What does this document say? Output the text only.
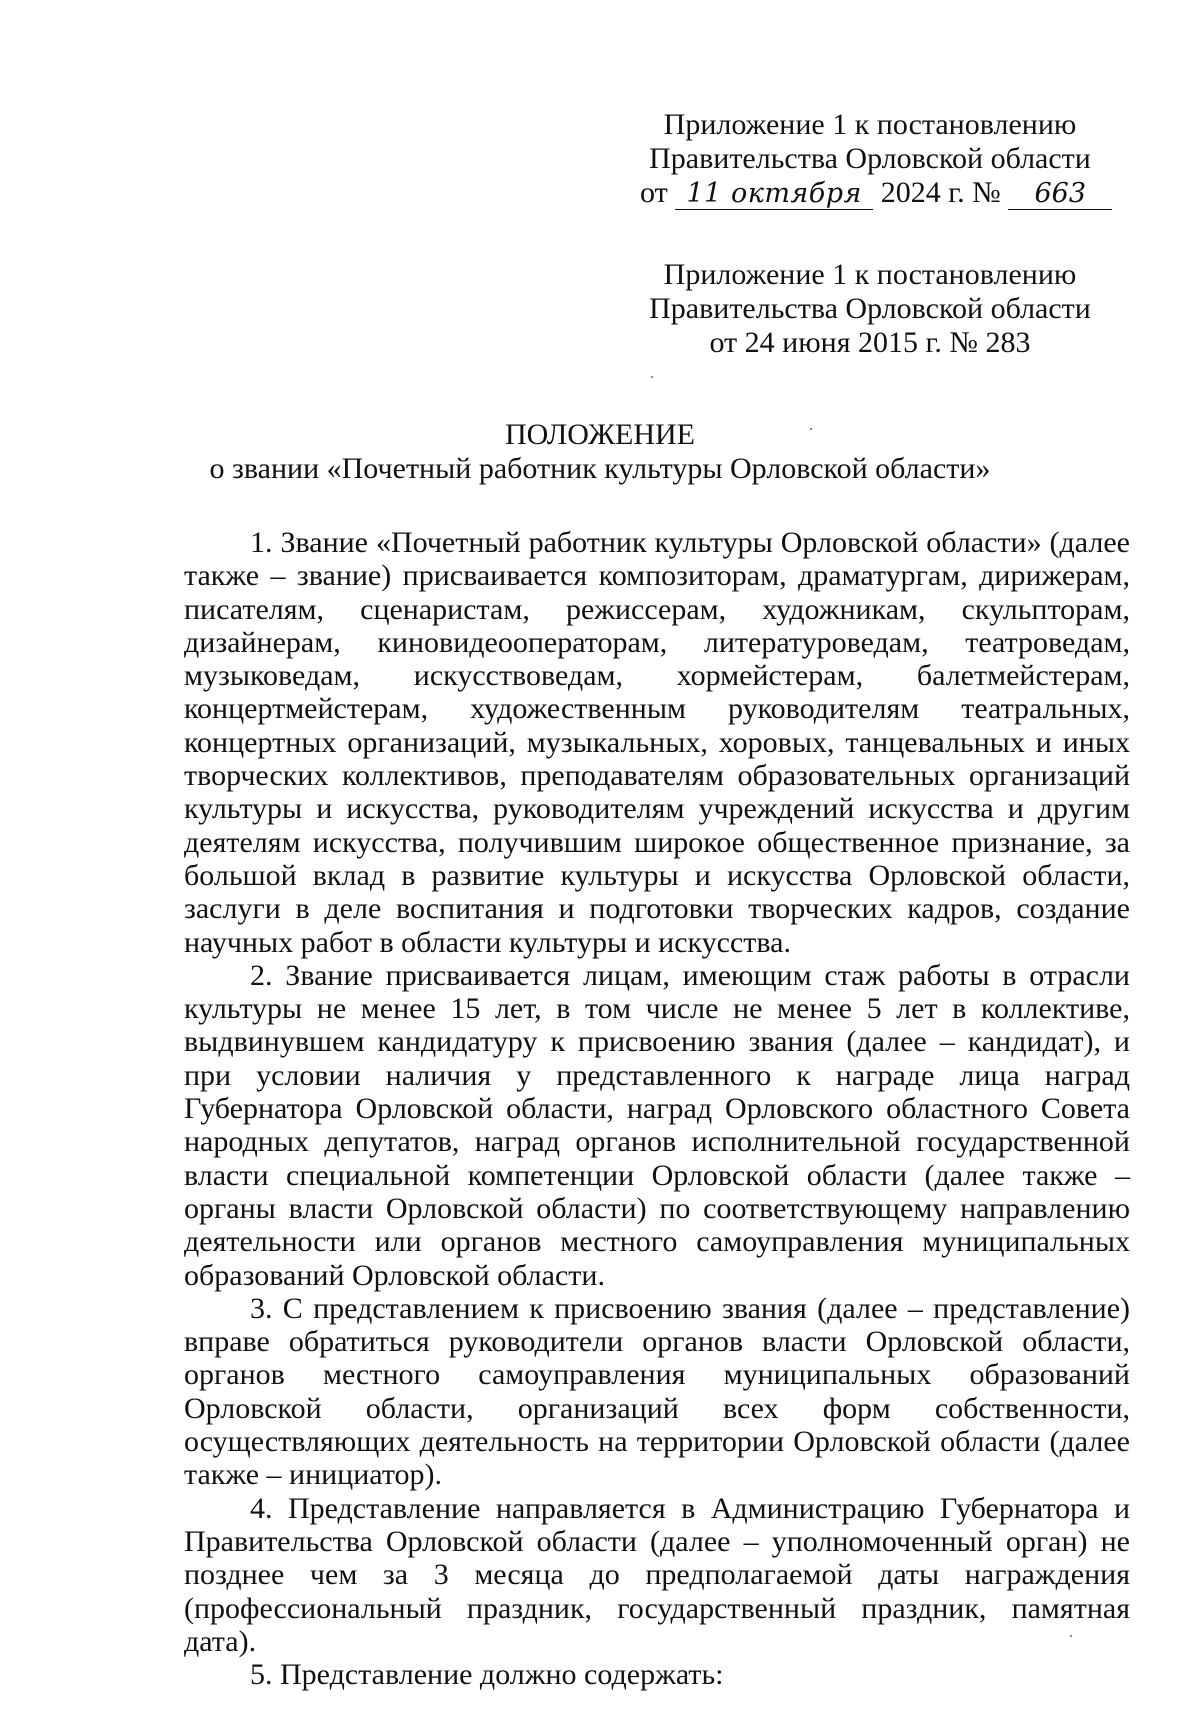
Приложение 1 к постановлению
Правительства Орловской области
от 11 октября 2024 г. № 663
Приложение 1 к постановлению
Правительства Орловской области
от 24 июня 2015 г. № 283
ПОЛОЖЕНИЕ
о звании «Почетный работник культуры Орловской области»

1. Звание «Почетный работник культуры Орловской области» (далее также – звание) присваивается композиторам, драматургам, дирижерам, писателям, сценаристам, режиссерам, художникам, скульпторам, дизайнерам, киновидеооператорам, литературоведам, театроведам, музыковедам, искусствоведам, хормейстерам, балетмейстерам, концертмейстерам, художественным руководителям театральных, концертных организаций, музыкальных, хоровых, танцевальных и иных творческих коллективов, преподавателям образовательных организаций культуры и искусства, руководителям учреждений искусства и другим деятелям искусства, получившим широкое общественное признание, за большой вклад в развитие культуры и искусства Орловской области, заслуги в деле воспитания и подготовки творческих кадров, создание научных работ в области культуры и искусства.

2. Звание присваивается лицам, имеющим стаж работы в отрасли культуры не менее 15 лет, в том числе не менее 5 лет в коллективе, выдвинувшем кандидатуру к присвоению звания (далее – кандидат), и при условии наличия у представленного к награде лица наград Губернатора Орловской области, наград Орловского областного Совета народных депутатов, наград органов исполнительной государственной власти специальной компетенции Орловской области (далее также – органы власти Орловской области) по соответствующему направлению деятельности или органов местного самоуправления муниципальных образований Орловской области.

3. С представлением к присвоению звания (далее – представление) вправе обратиться руководители органов власти Орловской области, органов местного самоуправления муниципальных образований Орловской области, организаций всех форм собственности, осуществляющих деятельность на территории Орловской области (далее также – инициатор).

4. Представление направляется в Администрацию Губернатора и Правительства Орловской области (далее – уполномоченный орган) не позднее чем за 3 месяца до предполагаемой даты награждения (профессиональный праздник, государственный праздник, памятная дата).

5. Представление должно содержать:
